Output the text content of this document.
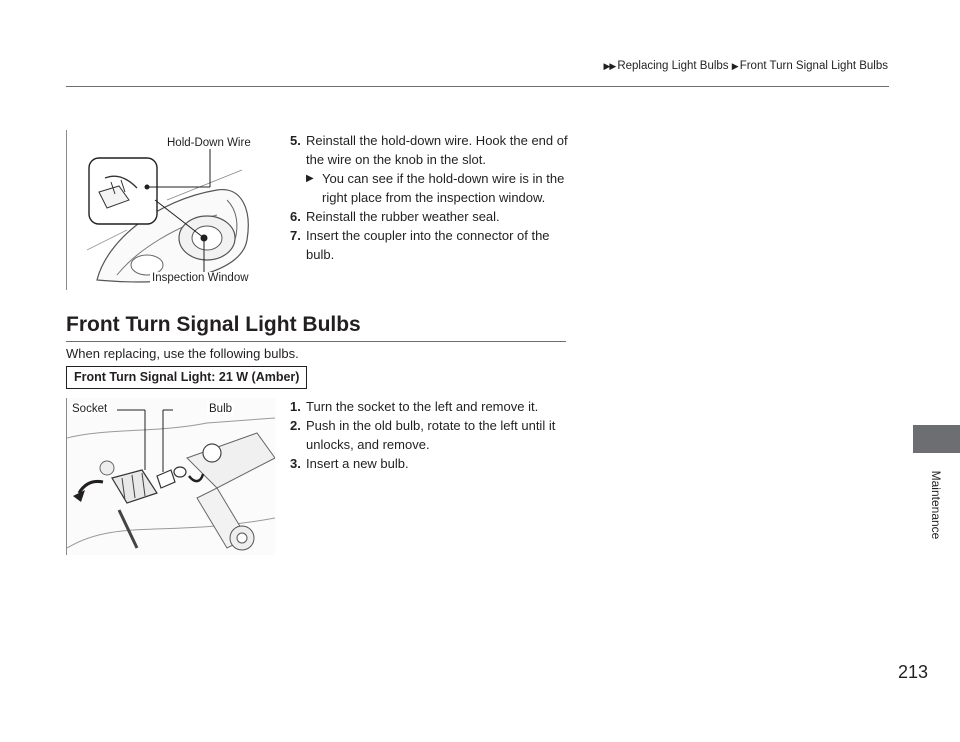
▶▶ Replacing Light Bulbs ▶ Front Turn Signal Light Bulbs
Maintenance
Hold-Down Wire
Inspection Window
5. Reinstall the hold-down wire. Hook the end of the wire on the knob in the slot.
▶ You can see if the hold-down wire is in the right place from the inspection window.
6. Reinstall the rubber weather seal.
7. Insert the coupler into the connector of the bulb.
Front Turn Signal Light Bulbs
When replacing, use the following bulbs.
Front Turn Signal Light: 21 W (Amber)
Socket	Bulb	1. Turn the socket to the left and remove it.
2. Push in the old bulb, rotate to the left until it unlocks, and remove.
3. Insert a new bulb.
213
